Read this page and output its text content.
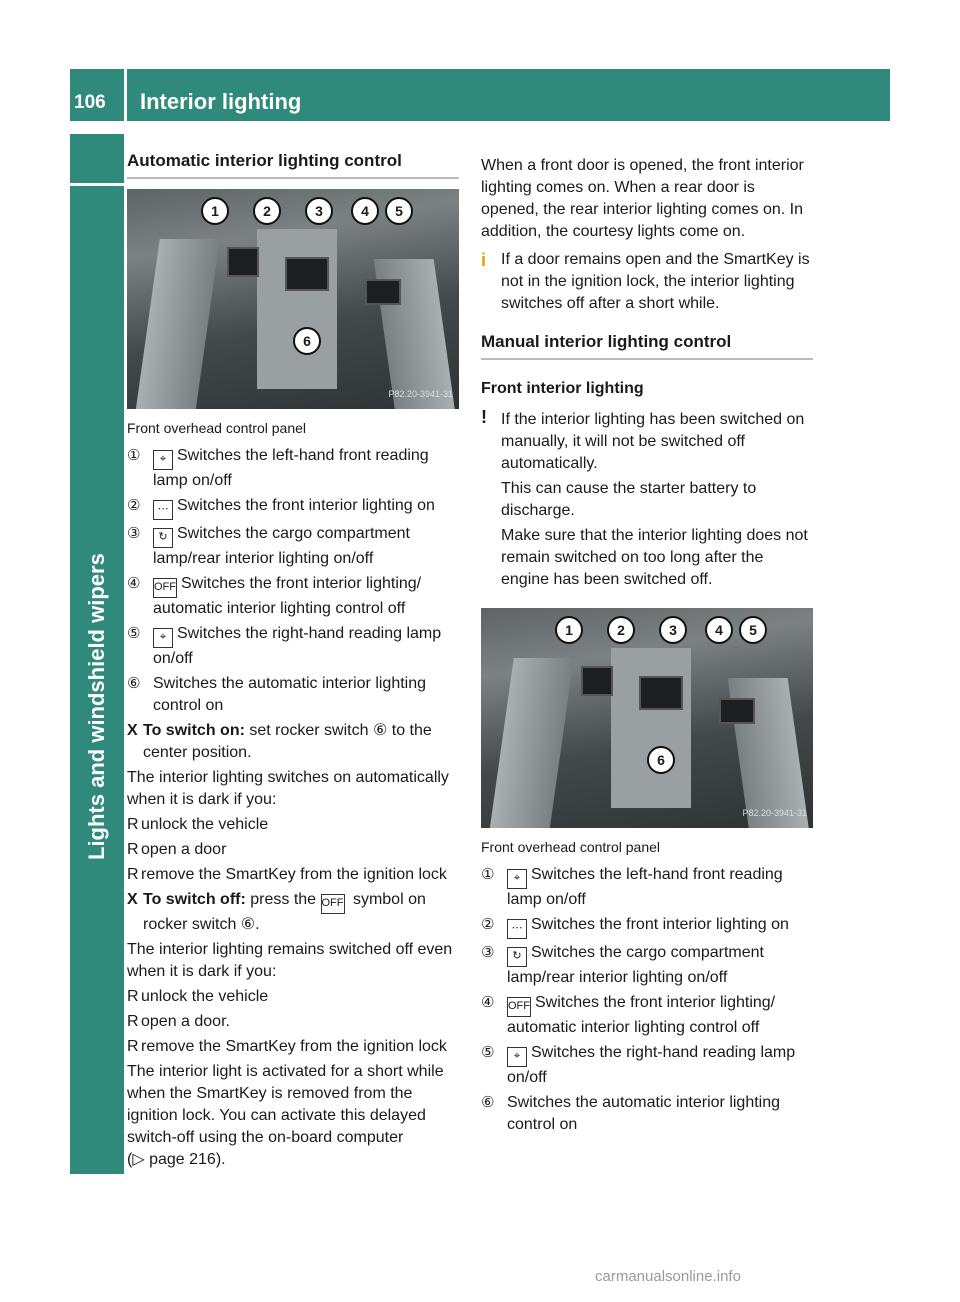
106 Interior lighting
Lights and windshield wipers
Automatic interior lighting control
1	2	3	4	5
6
P82.20-3941-31
Front overhead control panel
①	⌖ Switches the left-hand front reading lamp on/off
②	⋯ Switches the front interior lighting on
③	↻ Switches the cargo compartment lamp/rear interior lighting on/off
④	OFF Switches the front interior lighting/ automatic interior lighting control off
⑤	⌖ Switches the right-hand reading lamp on/off
⑥ Switches the automatic interior lighting control on
X To switch on: set rocker switch ⑥ to the center position.

The interior lighting switches on automatically when it is dark if you:

R unlock the vehicle
R open a door
R remove the SmartKey from the ignition lock
X To switch off: press the OFF symbol on rocker switch ⑥.

The interior lighting remains switched off even when it is dark if you:

R unlock the vehicle
R open a door.
R remove the SmartKey from the ignition lock

The interior light is activated for a short while when the SmartKey is removed from the ignition lock. You can activate this delayed switch-off using the on-board computer
(▷ page 216).

When a front door is opened, the front interior lighting comes on. When a rear door is opened, the rear interior lighting comes on. In addition, the courtesy lights come on.

i If a door remains open and the SmartKey is not in the ignition lock, the interior lighting switches off after a short while.
Manual interior lighting control
Front interior lighting
! If the interior lighting has been switched on manually, it will not be switched off automatically.

This can cause the starter battery to discharge.

Make sure that the interior lighting does not remain switched on too long after the engine has been switched off.

1	2	3	4	5
6
P82.20-3941-31
Front overhead control panel
①	⌖ Switches the left-hand front reading lamp on/off
②	⋯ Switches the front interior lighting on
③	↻ Switches the cargo compartment lamp/rear interior lighting on/off
④	OFF Switches the front interior lighting/ automatic interior lighting control off
⑤	⌖ Switches the right-hand reading lamp on/off
⑥ Switches the automatic interior lighting control on
carmanualsonline.info
